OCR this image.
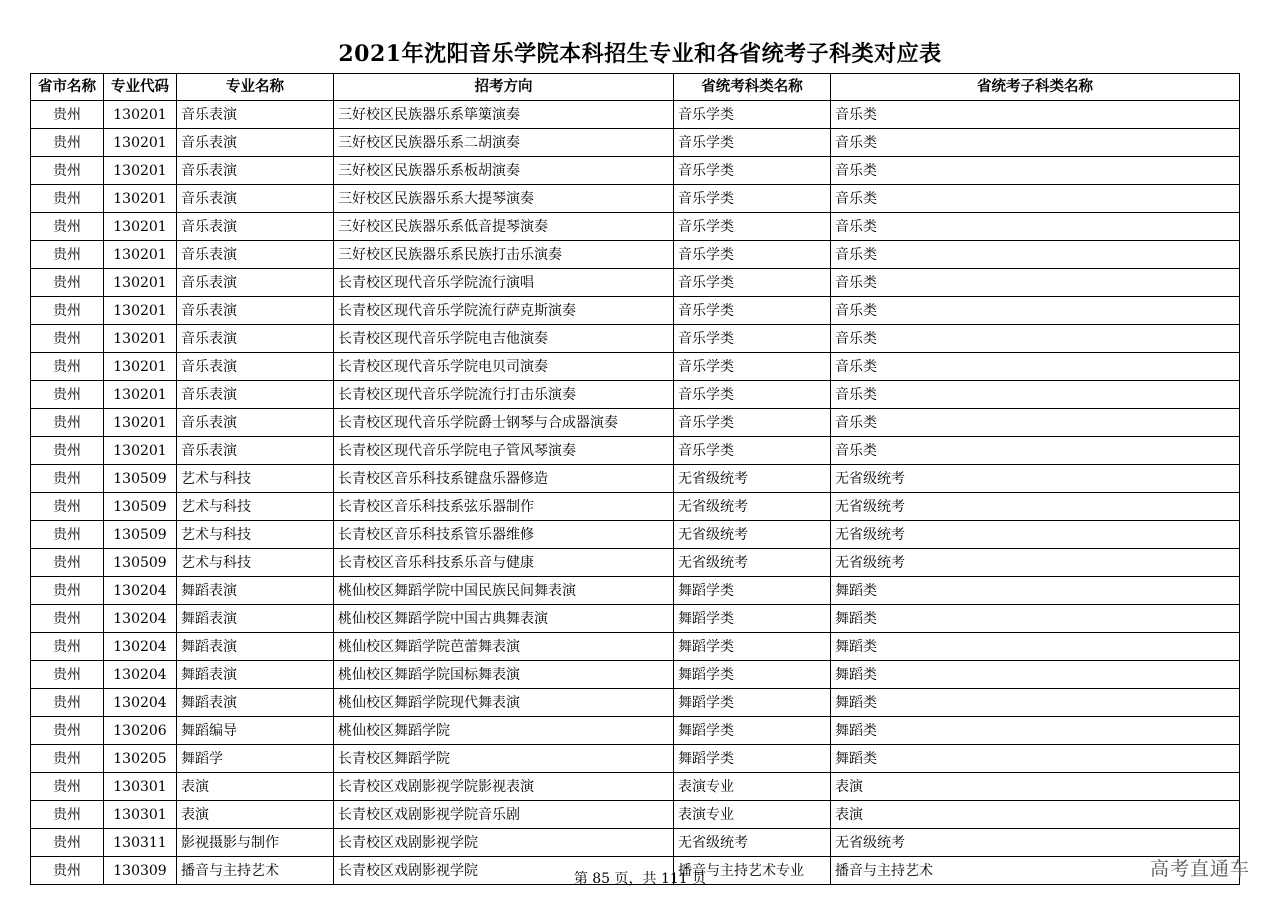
2021年沈阳音乐学院本科招生专业和各省统考子科类对应表
省市名称	专业代码	专业名称	招考方向	省统考科类名称	省统考子科类名称
贵州	130201	音乐表演	三好校区民族器乐系筚篥演奏	音乐学类	音乐类
贵州	130201	音乐表演	三好校区民族器乐系二胡演奏	音乐学类	音乐类
贵州	130201	音乐表演	三好校区民族器乐系板胡演奏	音乐学类	音乐类
贵州	130201	音乐表演	三好校区民族器乐系大提琴演奏	音乐学类	音乐类
贵州	130201	音乐表演	三好校区民族器乐系低音提琴演奏	音乐学类	音乐类
贵州	130201	音乐表演	三好校区民族器乐系民族打击乐演奏	音乐学类	音乐类
贵州	130201	音乐表演	长青校区现代音乐学院流行演唱	音乐学类	音乐类
贵州	130201	音乐表演	长青校区现代音乐学院流行萨克斯演奏	音乐学类	音乐类
贵州	130201	音乐表演	长青校区现代音乐学院电吉他演奏	音乐学类	音乐类
贵州	130201	音乐表演	长青校区现代音乐学院电贝司演奏	音乐学类	音乐类
贵州	130201	音乐表演	长青校区现代音乐学院流行打击乐演奏	音乐学类	音乐类
贵州	130201	音乐表演	长青校区现代音乐学院爵士钢琴与合成器演奏	音乐学类	音乐类
贵州	130201	音乐表演	长青校区现代音乐学院电子管风琴演奏	音乐学类	音乐类
贵州	130509	艺术与科技	长青校区音乐科技系键盘乐器修造	无省级统考	无省级统考
贵州	130509	艺术与科技	长青校区音乐科技系弦乐器制作	无省级统考	无省级统考
贵州	130509	艺术与科技	长青校区音乐科技系管乐器维修	无省级统考	无省级统考
贵州	130509	艺术与科技	长青校区音乐科技系乐音与健康	无省级统考	无省级统考
贵州	130204	舞蹈表演	桃仙校区舞蹈学院中国民族民间舞表演	舞蹈学类	舞蹈类
贵州	130204	舞蹈表演	桃仙校区舞蹈学院中国古典舞表演	舞蹈学类	舞蹈类
贵州	130204	舞蹈表演	桃仙校区舞蹈学院芭蕾舞表演	舞蹈学类	舞蹈类
贵州	130204	舞蹈表演	桃仙校区舞蹈学院国标舞表演	舞蹈学类	舞蹈类
贵州	130204	舞蹈表演	桃仙校区舞蹈学院现代舞表演	舞蹈学类	舞蹈类
贵州	130206	舞蹈编导	桃仙校区舞蹈学院	舞蹈学类	舞蹈类
贵州	130205	舞蹈学	长青校区舞蹈学院	舞蹈学类	舞蹈类
贵州	130301	表演	长青校区戏剧影视学院影视表演	表演专业	表演
贵州	130301	表演	长青校区戏剧影视学院音乐剧	表演专业	表演
贵州	130311	影视摄影与制作	长青校区戏剧影视学院	无省级统考	无省级统考
贵州	130309	播音与主持艺术	长青校区戏剧影视学院	播音与主持艺术专业	播音与主持艺术
第 85 页，共 111 页	高考直通车
